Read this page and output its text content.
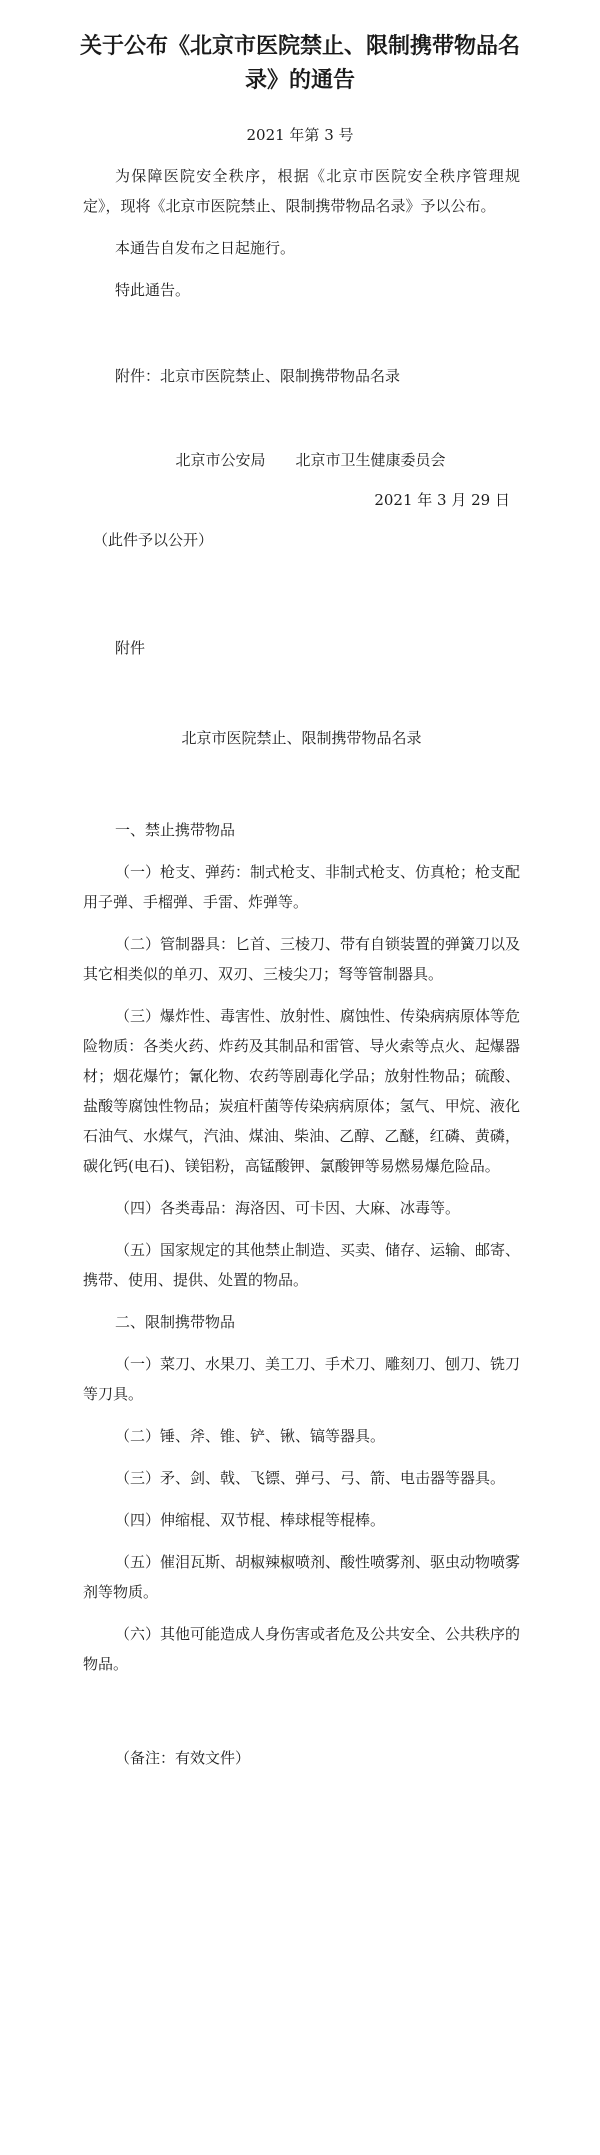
关于公布《北京市医院禁止、限制携带物品名录》的通告
2021 年第 3 号

为保障医院安全秩序，根据《北京市医院安全秩序管理规定》，现将《北京市医院禁止、限制携带物品名录》予以公布。

本通告自发布之日起施行。

特此通告。

附件：北京市医院禁止、限制携带物品名录
北京市公安局　　北京市卫生健康委员会
2021 年 3 月 29 日
（此件予以公开）
附件
北京市医院禁止、限制携带物品名录
一、禁止携带物品

（一）枪支、弹药：制式枪支、非制式枪支、仿真枪；枪支配用子弹、手榴弹、手雷、炸弹等。

（二）管制器具：匕首、三棱刀、带有自锁装置的弹簧刀以及其它相类似的单刃、双刃、三棱尖刀；弩等管制器具。

（三）爆炸性、毒害性、放射性、腐蚀性、传染病病原体等危险物质：各类火药、炸药及其制品和雷管、导火索等点火、起爆器材；烟花爆竹；氰化物、农药等剧毒化学品；放射性物品；硫酸、盐酸等腐蚀性物品；炭疽杆菌等传染病病原体；氢气、甲烷、液化石油气、水煤气，汽油、煤油、柴油、乙醇、乙醚，红磷、黄磷，碳化钙(电石)、镁铝粉，高锰酸钾、氯酸钾等易燃易爆危险品。

（四）各类毒品：海洛因、可卡因、大麻、冰毒等。

（五）国家规定的其他禁止制造、买卖、储存、运输、邮寄、携带、使用、提供、处置的物品。

二、限制携带物品

（一）菜刀、水果刀、美工刀、手术刀、雕刻刀、刨刀、铣刀等刀具。

（二）锤、斧、锥、铲、锹、镐等器具。

（三）矛、剑、戟、飞镖、弹弓、弓、箭、电击器等器具。

（四）伸缩棍、双节棍、棒球棍等棍棒。

（五）催泪瓦斯、胡椒辣椒喷剂、酸性喷雾剂、驱虫动物喷雾剂等物质。

（六）其他可能造成人身伤害或者危及公共安全、公共秩序的物品。

（备注：有效文件）
